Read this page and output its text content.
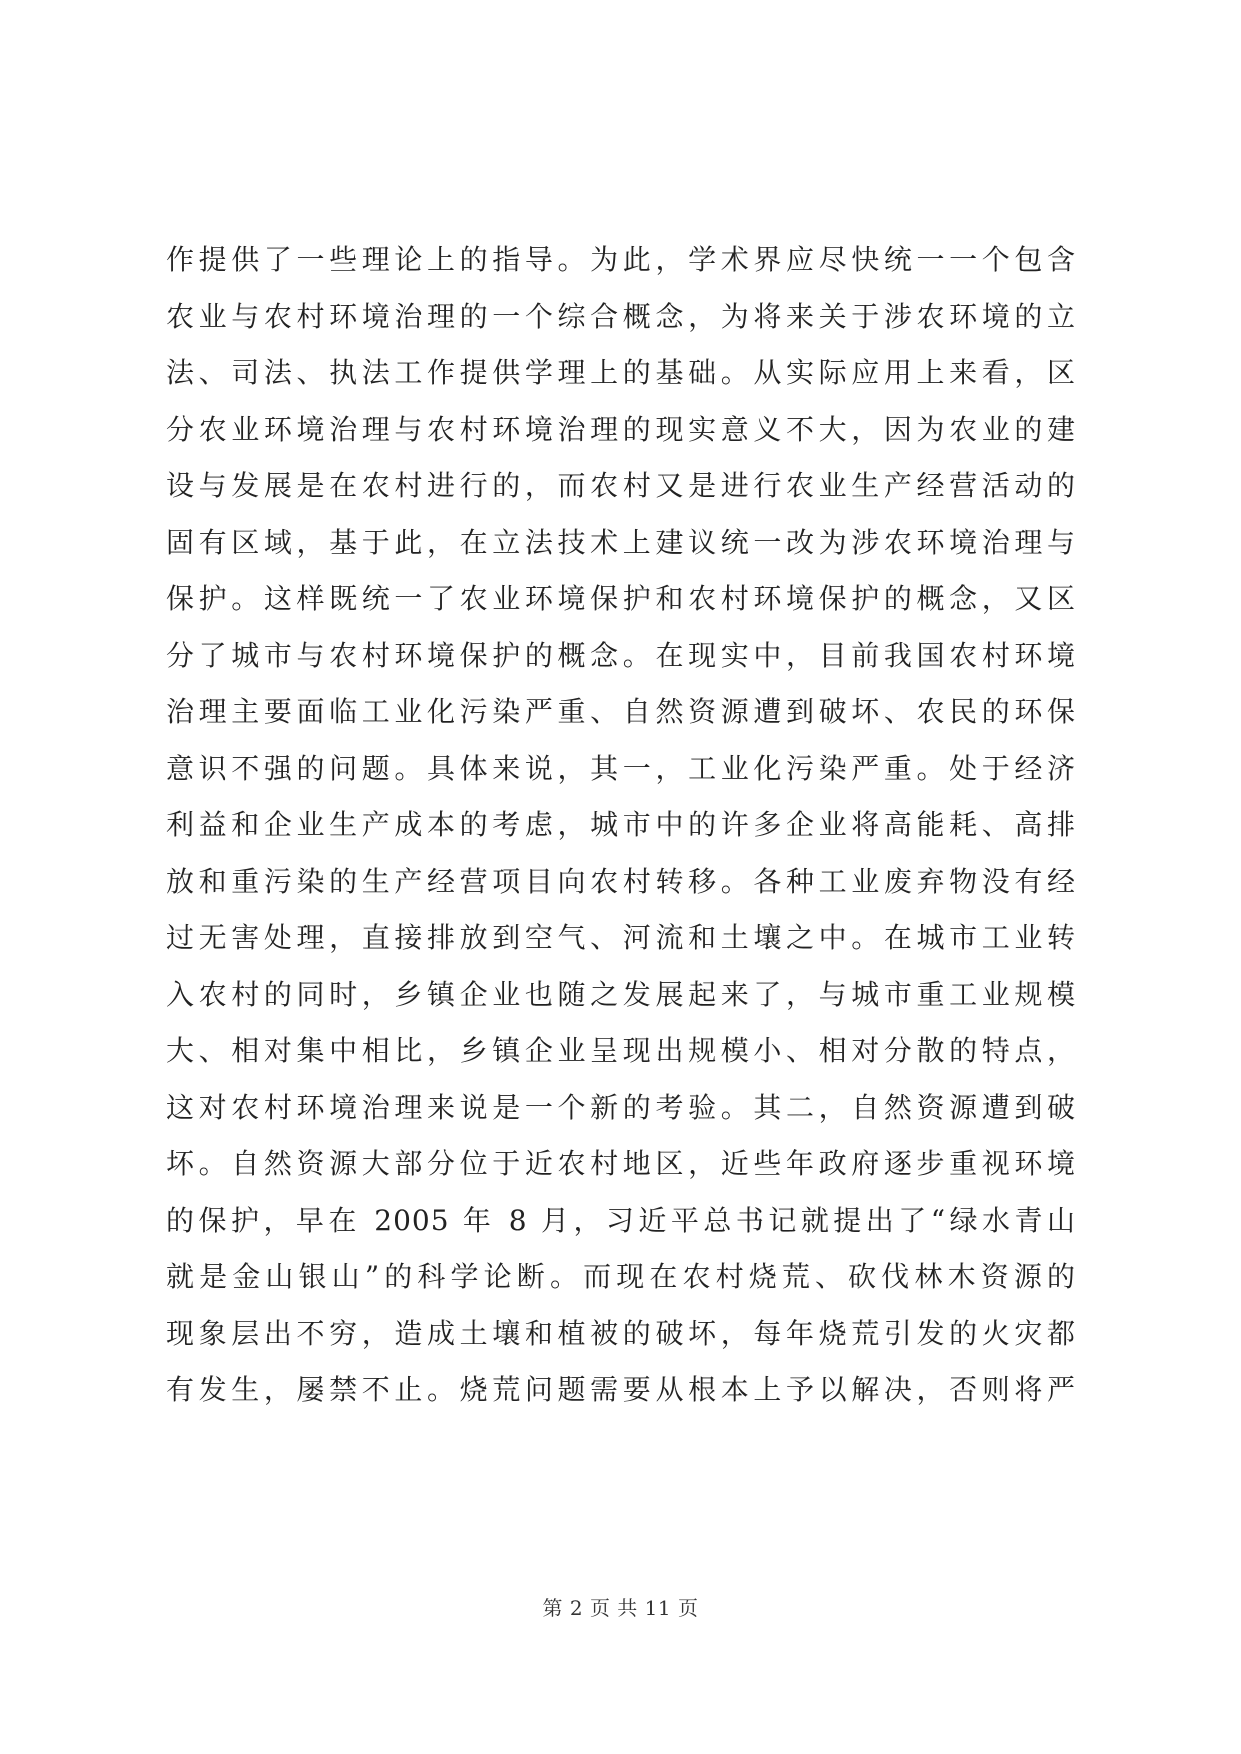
作提供了一些理论上的指导。为此，学术界应尽快统一一个包含
农业与农村环境治理的一个综合概念，为将来关于涉农环境的立
法、司法、执法工作提供学理上的基础。从实际应用上来看，区
分农业环境治理与农村环境治理的现实意义不大，因为农业的建
设与发展是在农村进行的，而农村又是进行农业生产经营活动的
固有区域，基于此，在立法技术上建议统一改为涉农环境治理与
保护。这样既统一了农业环境保护和农村环境保护的概念，又区
分了城市与农村环境保护的概念。在现实中，目前我国农村环境
治理主要面临工业化污染严重、自然资源遭到破坏、农民的环保
意识不强的问题。具体来说，其一，工业化污染严重。处于经济
利益和企业生产成本的考虑，城市中的许多企业将高能耗、高排
放和重污染的生产经营项目向农村转移。各种工业废弃物没有经
过无害处理，直接排放到空气、河流和土壤之中。在城市工业转
入农村的同时，乡镇企业也随之发展起来了，与城市重工业规模
大、相对集中相比，乡镇企业呈现出规模小、相对分散的特点，
这对农村环境治理来说是一个新的考验。其二，自然资源遭到破
坏。自然资源大部分位于近农村地区，近些年政府逐步重视环境
的保护，早在 2005 年 8 月，习近平总书记就提出了“绿水青山
就是金山银山”的科学论断。而现在农村烧荒、砍伐林木资源的
现象层出不穷，造成土壤和植被的破坏，每年烧荒引发的火灾都
有发生，屡禁不止。烧荒问题需要从根本上予以解决，否则将严
第 2 页 共 11 页
